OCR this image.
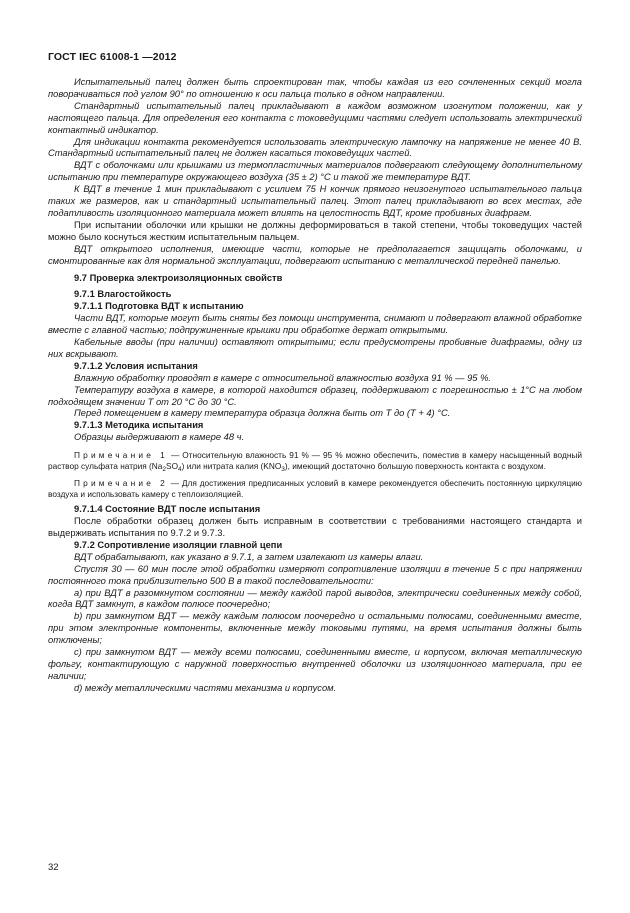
ГОСТ IEC 61008-1 —2012

Испытательный палец должен быть спроектирован так, чтобы каждая из его сочлененных секций могла поворачиваться под углом 90° по отношению к оси пальца только в одном направлении.

Стандартный испытательный палец прикладывают в каждом возможном изогнутом положении, как у настоящего пальца. Для определения его контакта с токоведущими частями следует использовать электрический контактный индикатор.

Для индикации контакта рекомендуется использовать электрическую лампочку на напряжение не менее 40 В. Стандартный испытательный палец не должен касаться токоведущих частей.

ВДТ с оболочками или крышками из термопластичных материалов подвергают следующему дополнительному испытанию при температуре окружающего воздуха (35 ± 2) °С и такой же температуре ВДТ.

К ВДТ в течение 1 мин прикладывают с усилием 75 Н кончик прямого неизогнутого испытательного пальца таких же размеров, как и стандартный испытательный палец. Этот палец прикладывают во всех местах, где податливость изоляционного материала может влиять на целостность ВДТ, кроме пробивных диафрагм.

При испытании оболочки или крышки не должны деформироваться в такой степени, чтобы токоведущих частей можно было коснуться жестким испытательным пальцем.

ВДТ открытого исполнения, имеющие части, которые не предполагается защищать оболочками, и смонтированные как для нормальной эксплуатации, подвергают испытанию с металлической передней панелью.

9.7 Проверка электроизоляционных свойств

9.7.1 Влагостойкость

9.7.1.1 Подготовка ВДТ к испытанию

Части ВДТ, которые могут быть сняты без помощи инструмента, снимают и подвергают влажной обработке вместе с главной частью; подпружиненные крышки при обработке держат открытыми.

Кабельные вводы (при наличии) оставляют открытыми; если предусмотрены пробивные диафрагмы, одну из них вскрывают.

9.7.1.2 Условия испытания

Влажную обработку проводят в камере с относительной влажностью воздуха 91 % — 95 %.

Температуру воздуха в камере, в которой находится образец, поддерживают с погрешностью ± 1°С на любом подходящем значении Т от 20 °С до 30 °С.

Перед помещением в камеру температура образца должна быть от Т до (Т + 4) °С.

9.7.1.3 Методика испытания

Образцы выдерживают в камере 48 ч.

Примечание 1 — Относительную влажность 91 % — 95 % можно обеспечить, поместив в камеру насыщенный водный раствор сульфата натрия $(Na_2SO_4)$ или нитрата калия $(KNO_3)$, имеющий достаточно большую поверхность контакта с воздухом.

Примечание 2 — Для достижения предписанных условий в камере рекомендуется обеспечить постоянную циркуляцию воздуха и использовать камеру с теплоизоляцией.

9.7.1.4 Состояние ВДТ после испытания

После обработки образец должен быть исправным в соответствии с требованиями настоящего стандарта и выдерживать испытания по 9.7.2 и 9.7.3.

9.7.2 Сопротивление изоляции главной цепи

ВДТ обрабатывают, как указано в 9.7.1, а затем извлекают из камеры влаги.

Спустя 30 — 60 мин после этой обработки измеряют сопротивление изоляции в течение 5 с при напряжении постоянного тока приблизительно 500 В в такой последовательности:

a) при ВДТ в разомкнутом состоянии — между каждой парой выводов, электрически соединенных между собой, когда ВДТ замкнут, в каждом полюсе поочередно;

b) при замкнутом ВДТ — между каждым полюсом поочередно и остальными полюсами, соединенными вместе, при этом электронные компоненты, включенные между токовыми путями, на время испытания должны быть отключены;

c) при замкнутом ВДТ — между всеми полюсами, соединенными вместе, и корпусом, включая металлическую фольгу, контактирующую с наружной поверхностью внутренней оболочки из изоляционного материала, при ее наличии;

d) между металлическими частями механизма и корпусом.

32
